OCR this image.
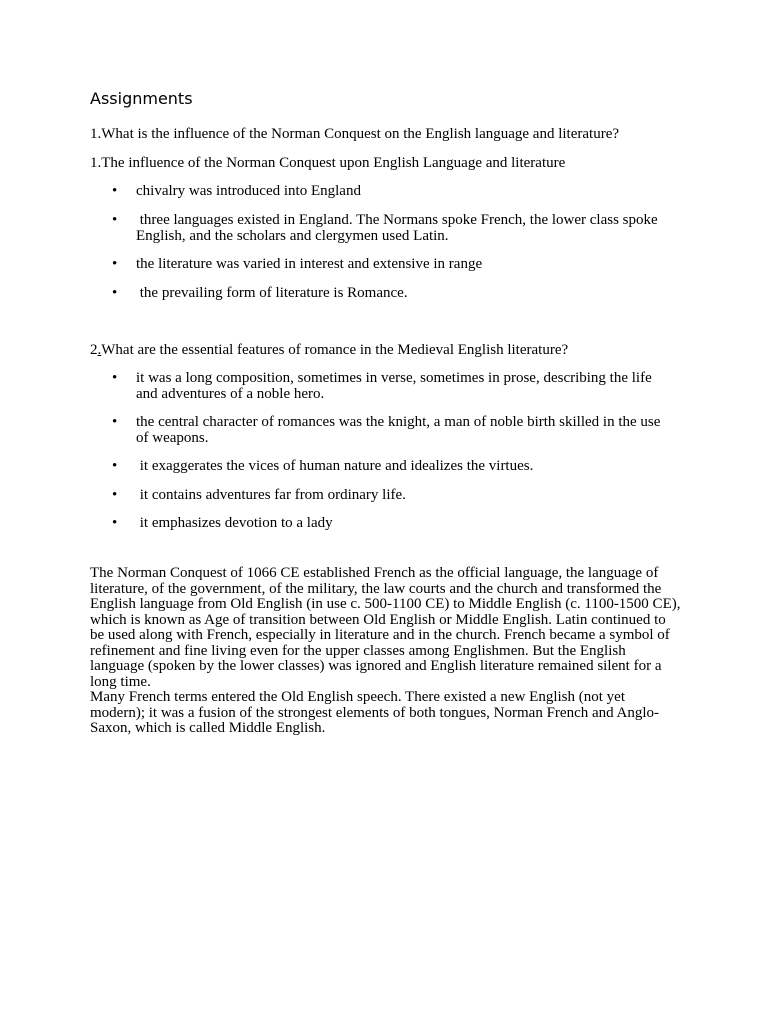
Assignments

1.What is the influence of the Norman Conquest on the English language and literature?

1.The influence of the Norman Conquest upon English Language and literature

• chivalry was introduced into England
• three languages existed in England. The Normans spoke French, the lower class spoke English, and the scholars and clergymen used Latin.
• the literature was varied in interest and extensive in range
• the prevailing form of literature is Romance.

2.What are the essential features of romance in the Medieval English literature?

• it was a long composition, sometimes in verse, sometimes in prose, describing the life and adventures of a noble hero.
• the central character of romances was the knight, a man of noble birth skilled in the use of weapons.
• it exaggerates the vices of human nature and idealizes the virtues.
• it contains adventures far from ordinary life.
• it emphasizes devotion to a lady
The Norman Conquest of 1066 CE established French as the official language, the language of literature, of the government, of the military, the law courts and the church and transformed the English language from Old English (in use c. 500-1100 CE) to Middle English (c. 1100-1500 CE), which is known as Age of transition between Old English or Middle English. Latin continued to be used along with French, especially in literature and in the church. French became a symbol of refinement and fine living even for the upper classes among Englishmen. But the English language (spoken by the lower classes) was ignored and English literature remained silent for a long time.
Many French terms entered the Old English speech. There existed a new English (not yet modern); it was a fusion of the strongest elements of both tongues, Norman French and Anglo-Saxon, which is called Middle English.
